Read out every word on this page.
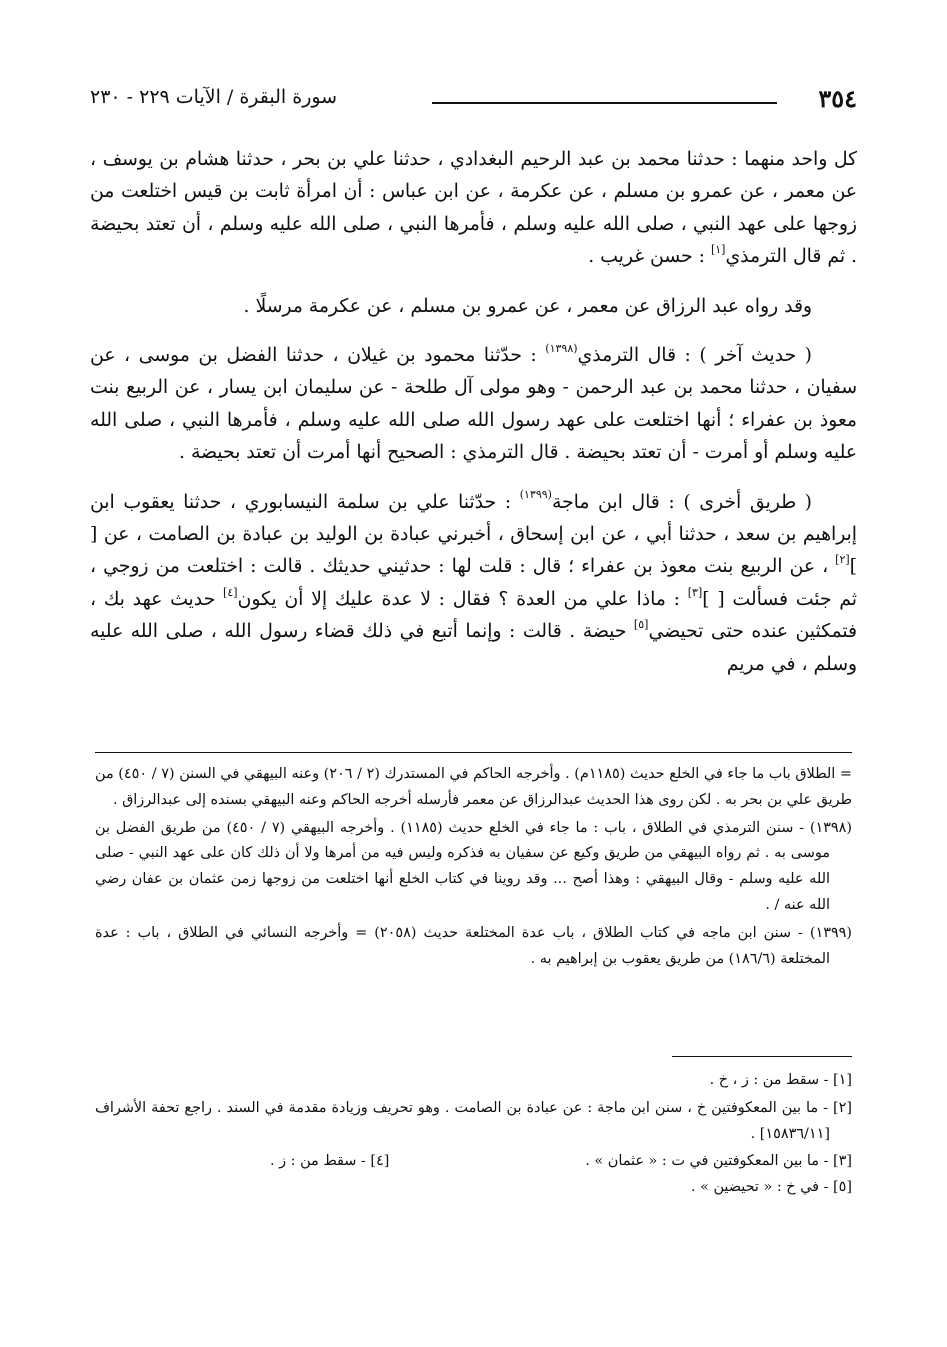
٣٥٤
سورة البقرة / الآيات ٢٢٩ - ٢٣٠

كل واحد منهما : حدثنا محمد بن عبد الرحيم البغدادي ، حدثنا علي بن بحر ، حدثنا هشام بن يوسف ، عن معمر ، عن عمرو بن مسلم ، عن عكرمة ، عن ابن عباس : أن امرأة ثابت بن قيس اختلعت من زوجها على عهد النبي ، صلى الله عليه وسلم ، فأمرها النبي ، صلى الله عليه وسلم ، أن تعتد بحيضة . ثم قال الترمذي[١] : حسن غريب .

وقد رواه عبد الرزاق عن معمر ، عن عمرو بن مسلم ، عن عكرمة مرسلًا .

( حديث آخر ) : قال الترمذي$^{(١٣٩٨)}$ : حدّثنا محمود بن غيلان ، حدثنا الفضل بن موسى ، عن سفيان ، حدثنا محمد بن عبد الرحمن - وهو مولى آل طلحة - عن سليمان ابن يسار ، عن الربيع بنت معوذ بن عفراء ؛ أنها اختلعت على عهد رسول الله صلى الله عليه وسلم ، فأمرها النبي ، صلى الله عليه وسلم أو أمرت - أن تعتد بحيضة . قال الترمذي : الصحيح أنها أمرت أن تعتد بحيضة .

( طريق أخرى ) : قال ابن ماجة$^{(١٣٩٩)}$ : حدّثنا علي بن سلمة النيسابوري ، حدثنا يعقوب ابن إبراهيم بن سعد ، حدثنا أبي ، عن ابن إسحاق ، أخبرني عبادة بن الوليد بن عبادة بن الصامت ، عن [ ][٢] ، عن الربيع بنت معوذ بن عفراء ؛ قال : قلت لها : حدثيني حديثك . قالت : اختلعت من زوجي ، ثم جئت فسألت [ ][٣] : ماذا علي من العدة ؟ فقال : لا عدة عليك إلا أن يكون[٤] حديث عهد بك ، فتمكثين عنده حتى تحيضي[٥] حيضة . قالت : وإنما أتبع في ذلك قضاء رسول الله ، صلى الله عليه وسلم ، في مريم

= الطلاق باب ما جاء في الخلع حديث (١١٨٥م) . وأخرجه الحاكم في المستدرك (٢ / ٢٠٦) وعنه البيهقي في السنن (٧ / ٤٥٠) من طريق علي بن بحر به . لكن روى هذا الحديث عبدالرزاق عن معمر فأرسله أخرجه الحاكم وعنه البيهقي بسنده إلى عبدالرزاق .

(١٣٩٨) - سنن الترمذي في الطلاق ، باب : ما جاء في الخلع حديث (١١٨٥) . وأخرجه البيهقي (٧ / ٤٥٠) من طريق الفضل بن موسى به . ثم رواه البيهقي من طريق وكيع عن سفيان به فذكره وليس فيه من أمرها ولا أن ذلك كان على عهد النبي - صلى الله عليه وسلم - وقال البيهقي : وهذا أصح ... وقد روينا في كتاب الخلع أنها اختلعت من زوجها زمن عثمان بن عفان رضي الله عنه / .

(١٣٩٩) - سنن ابن ماجه في كتاب الطلاق ، باب عدة المختلعة حديث (٢٠٥٨) = وأخرجه النسائي في الطلاق ، باب : عدة المختلعة (١٨٦/٦) من طريق يعقوب بن إبراهيم به .

[١] - سقط من : ز ، خ .

[٢] - ما بين المعكوفتين خ ، سنن ابن ماجة : عن عبادة بن الصامت . وهو تحريف وزيادة مقدمة في السند . راجع تحفة الأشراف [١٥٨٣٦/١١] .

[٣] - ما بين المعكوفتين في ت : « عثمان » .
[٤] - سقط من : ز .

[٥] - في خ : « تحيضين » .
